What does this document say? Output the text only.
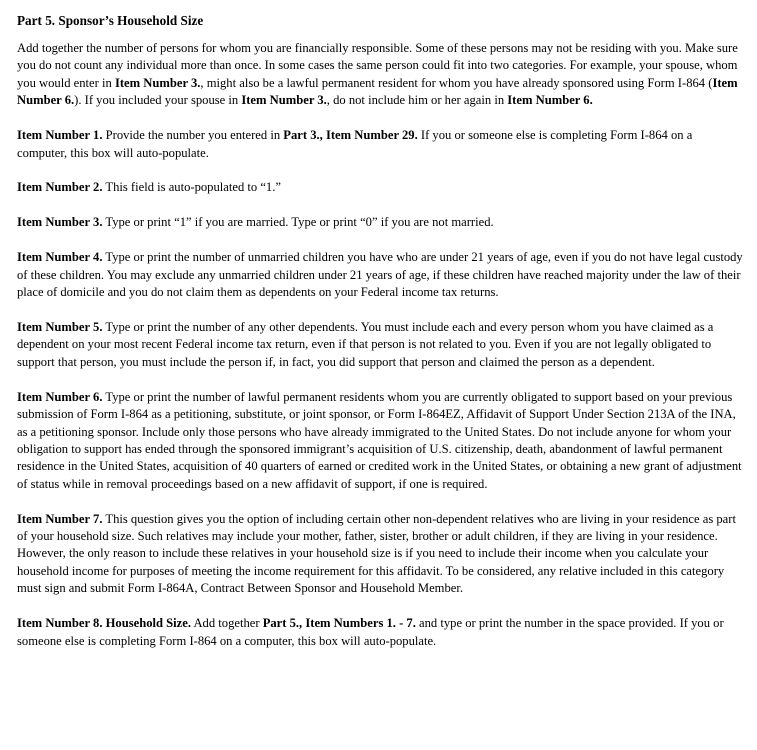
Part 5. Sponsor’s Household Size

Add together the number of persons for whom you are financially responsible. Some of these persons may not be residing with you. Make sure you do not count any individual more than once. In some cases the same person could fit into two categories. For example, your spouse, whom you would enter in Item Number 3., might also be a lawful permanent resident for whom you have already sponsored using Form I-864 (Item Number 6.). If you included your spouse in Item Number 3., do not include him or her again in Item Number 6.

Item Number 1. Provide the number you entered in Part 3., Item Number 29. If you or someone else is completing Form I-864 on a computer, this box will auto-populate.

Item Number 2. This field is auto-populated to “1.”

Item Number 3. Type or print “1” if you are married. Type or print “0” if you are not married.

Item Number 4. Type or print the number of unmarried children you have who are under 21 years of age, even if you do not have legal custody of these children. You may exclude any unmarried children under 21 years of age, if these children have reached majority under the law of their place of domicile and you do not claim them as dependents on your Federal income tax returns.

Item Number 5. Type or print the number of any other dependents. You must include each and every person whom you have claimed as a dependent on your most recent Federal income tax return, even if that person is not related to you. Even if you are not legally obligated to support that person, you must include the person if, in fact, you did support that person and claimed the person as a dependent.

Item Number 6. Type or print the number of lawful permanent residents whom you are currently obligated to support based on your previous submission of Form I-864 as a petitioning, substitute, or joint sponsor, or Form I-864EZ, Affidavit of Support Under Section 213A of the INA, as a petitioning sponsor. Include only those persons who have already immigrated to the United States. Do not include anyone for whom your obligation to support has ended through the sponsored immigrant’s acquisition of U.S. citizenship, death, abandonment of lawful permanent residence in the United States, acquisition of 40 quarters of earned or credited work in the United States, or obtaining a new grant of adjustment of status while in removal proceedings based on a new affidavit of support, if one is required.

Item Number 7. This question gives you the option of including certain other non-dependent relatives who are living in your residence as part of your household size. Such relatives may include your mother, father, sister, brother or adult children, if they are living in your residence. However, the only reason to include these relatives in your household size is if you need to include their income when you calculate your household income for purposes of meeting the income requirement for this affidavit. To be considered, any relative included in this category must sign and submit Form I-864A, Contract Between Sponsor and Household Member.

Item Number 8. Household Size. Add together Part 5., Item Numbers 1. - 7. and type or print the number in the space provided. If you or someone else is completing Form I-864 on a computer, this box will auto-populate.
